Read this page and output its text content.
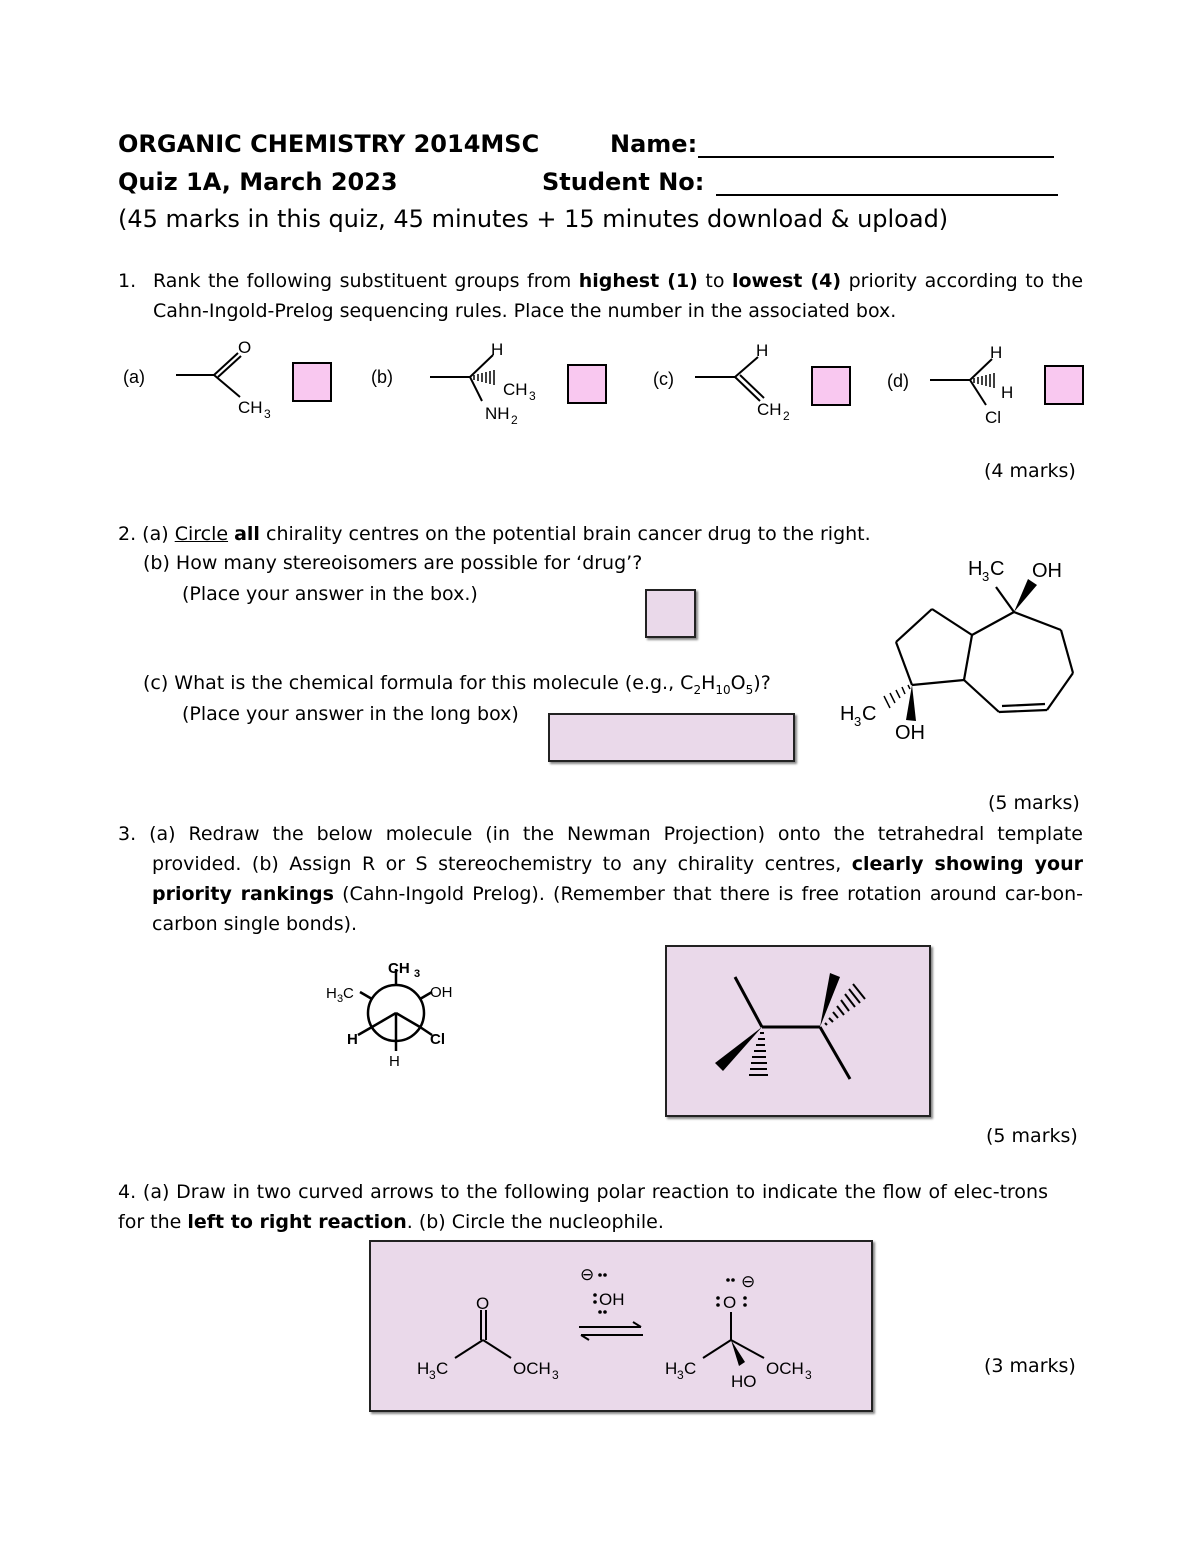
ORGANIC CHEMISTRY 2014MSC	Name:
Quiz 1A, March 2023	Student No:
(45 marks in this quiz, 45 minutes + 15 minutes download & upload)
1. Rank the following substituent groups from highest (1) to lowest (4) priority according to the Cahn-Ingold-Prelog sequencing rules. Place the number in the associated box.
(a)	(b)	(c)	(d)
O
CH 3
H
CH 3
NH 2
H
CH 2
H
H
Cl
(4 marks)
2. (a) Circle all chirality centres on the potential brain cancer drug to the right.
(b) How many stereoisomers are possible for ‘drug’?
(Place your answer in the box.)
(c) What is the chemical formula for this molecule (e.g., $C_2H_{10}O_5$)?
(Place your answer in the long box)
H 3 C OH
H 3 C
OH
(5 marks)
3. (a) Redraw the below molecule (in the Newman Projection) onto the tetrahedral template provided. (b) Assign R or S stereochemistry to any chirality centres, clearly showing your priority rankings (Cahn-Ingold Prelog). (Remember that there is free rotation around car-bon-carbon single bonds).
CH 3
H 3 C	OH
H	Cl
H
(5 marks)
4. (a) Draw in two curved arrows to the following polar reaction to indicate the flow of elec-trons for the left to right reaction. (b) Circle the nucleophile.
O
H 3 C	OCH 3
⊖
OH	O
⊖
H 3 C	OCH 3
HO
(3 marks)
